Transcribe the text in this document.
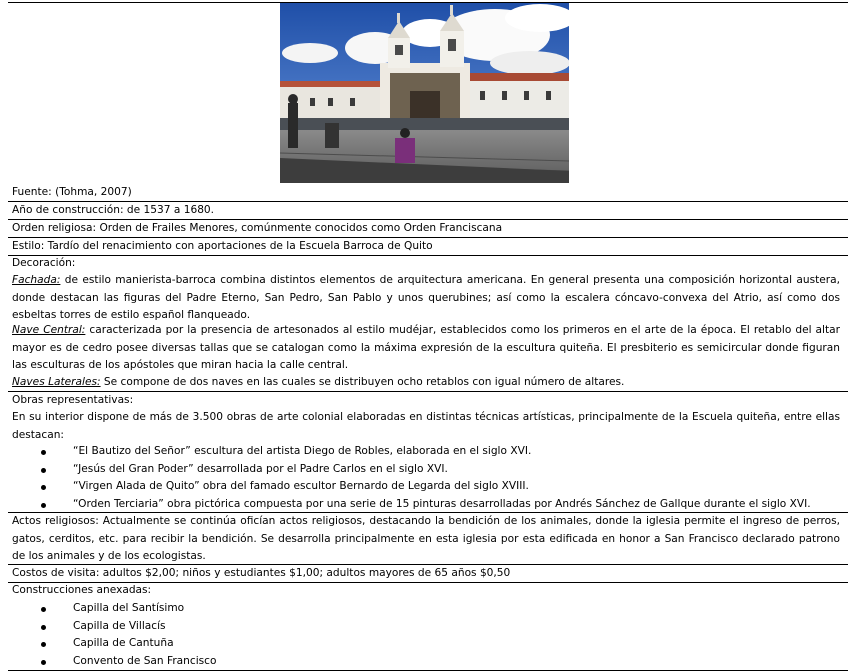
Fuente: (Tohma, 2007)
Año de construcción: de 1537 a 1680.
Orden religiosa: Orden de Frailes Menores, comúnmente conocidos como Orden Franciscana
Estilo: Tardío del renacimiento con aportaciones de la Escuela Barroca de Quito
Decoración:
Fachada: de estilo manierista-barroca combina distintos elementos de arquitectura americana. En general presenta una composición horizontal austera, donde destacan las figuras del Padre Eterno, San Pedro, San Pablo y unos querubines; así como la escalera cóncavo-convexa del Atrio, así como dos esbeltas torres de estilo español flanqueado.
Nave Central: caracterizada por la presencia de artesonados al estilo mudéjar, establecidos como los primeros en el arte de la época. El retablo del altar mayor es de cedro posee diversas tallas que se catalogan como la máxima expresión de la escultura quiteña. El presbiterio es semicircular donde figuran las esculturas de los apóstoles que miran hacia la calle central.
Naves Laterales: Se compone de dos naves en las cuales se distribuyen ocho retablos con igual número de altares.
Obras representativas:
En su interior dispone de más de 3.500 obras de arte colonial elaboradas en distintas técnicas artísticas, principalmente de la Escuela quiteña, entre ellas destacan:
“El Bautizo del Señor” escultura del artista Diego de Robles, elaborada en el siglo XVI.
“Jesús del Gran Poder” desarrollada por el Padre Carlos en el siglo XVI.
“Virgen Alada de Quito” obra del famado escultor Bernardo de Legarda del siglo XVIII.
“Orden Terciaria” obra pictórica compuesta por una serie de 15 pinturas desarrolladas por Andrés Sánchez de Gallque durante el siglo XVI.
Actos religiosos: Actualmente se continúa oficían actos religiosos, destacando la bendición de los animales, donde la iglesia permite el ingreso de perros, gatos, cerditos, etc. para recibir la bendición. Se desarrolla principalmente en esta iglesia por esta edificada en honor a San Francisco declarado patrono de los animales y de los ecologistas.
Costos de visita: adultos $2,00; niños y estudiantes $1,00; adultos mayores de 65 años $0,50
Construcciones anexadas:
Capilla del Santísimo
Capilla de Villacís
Capilla de Cantuña
Convento de San Francisco
